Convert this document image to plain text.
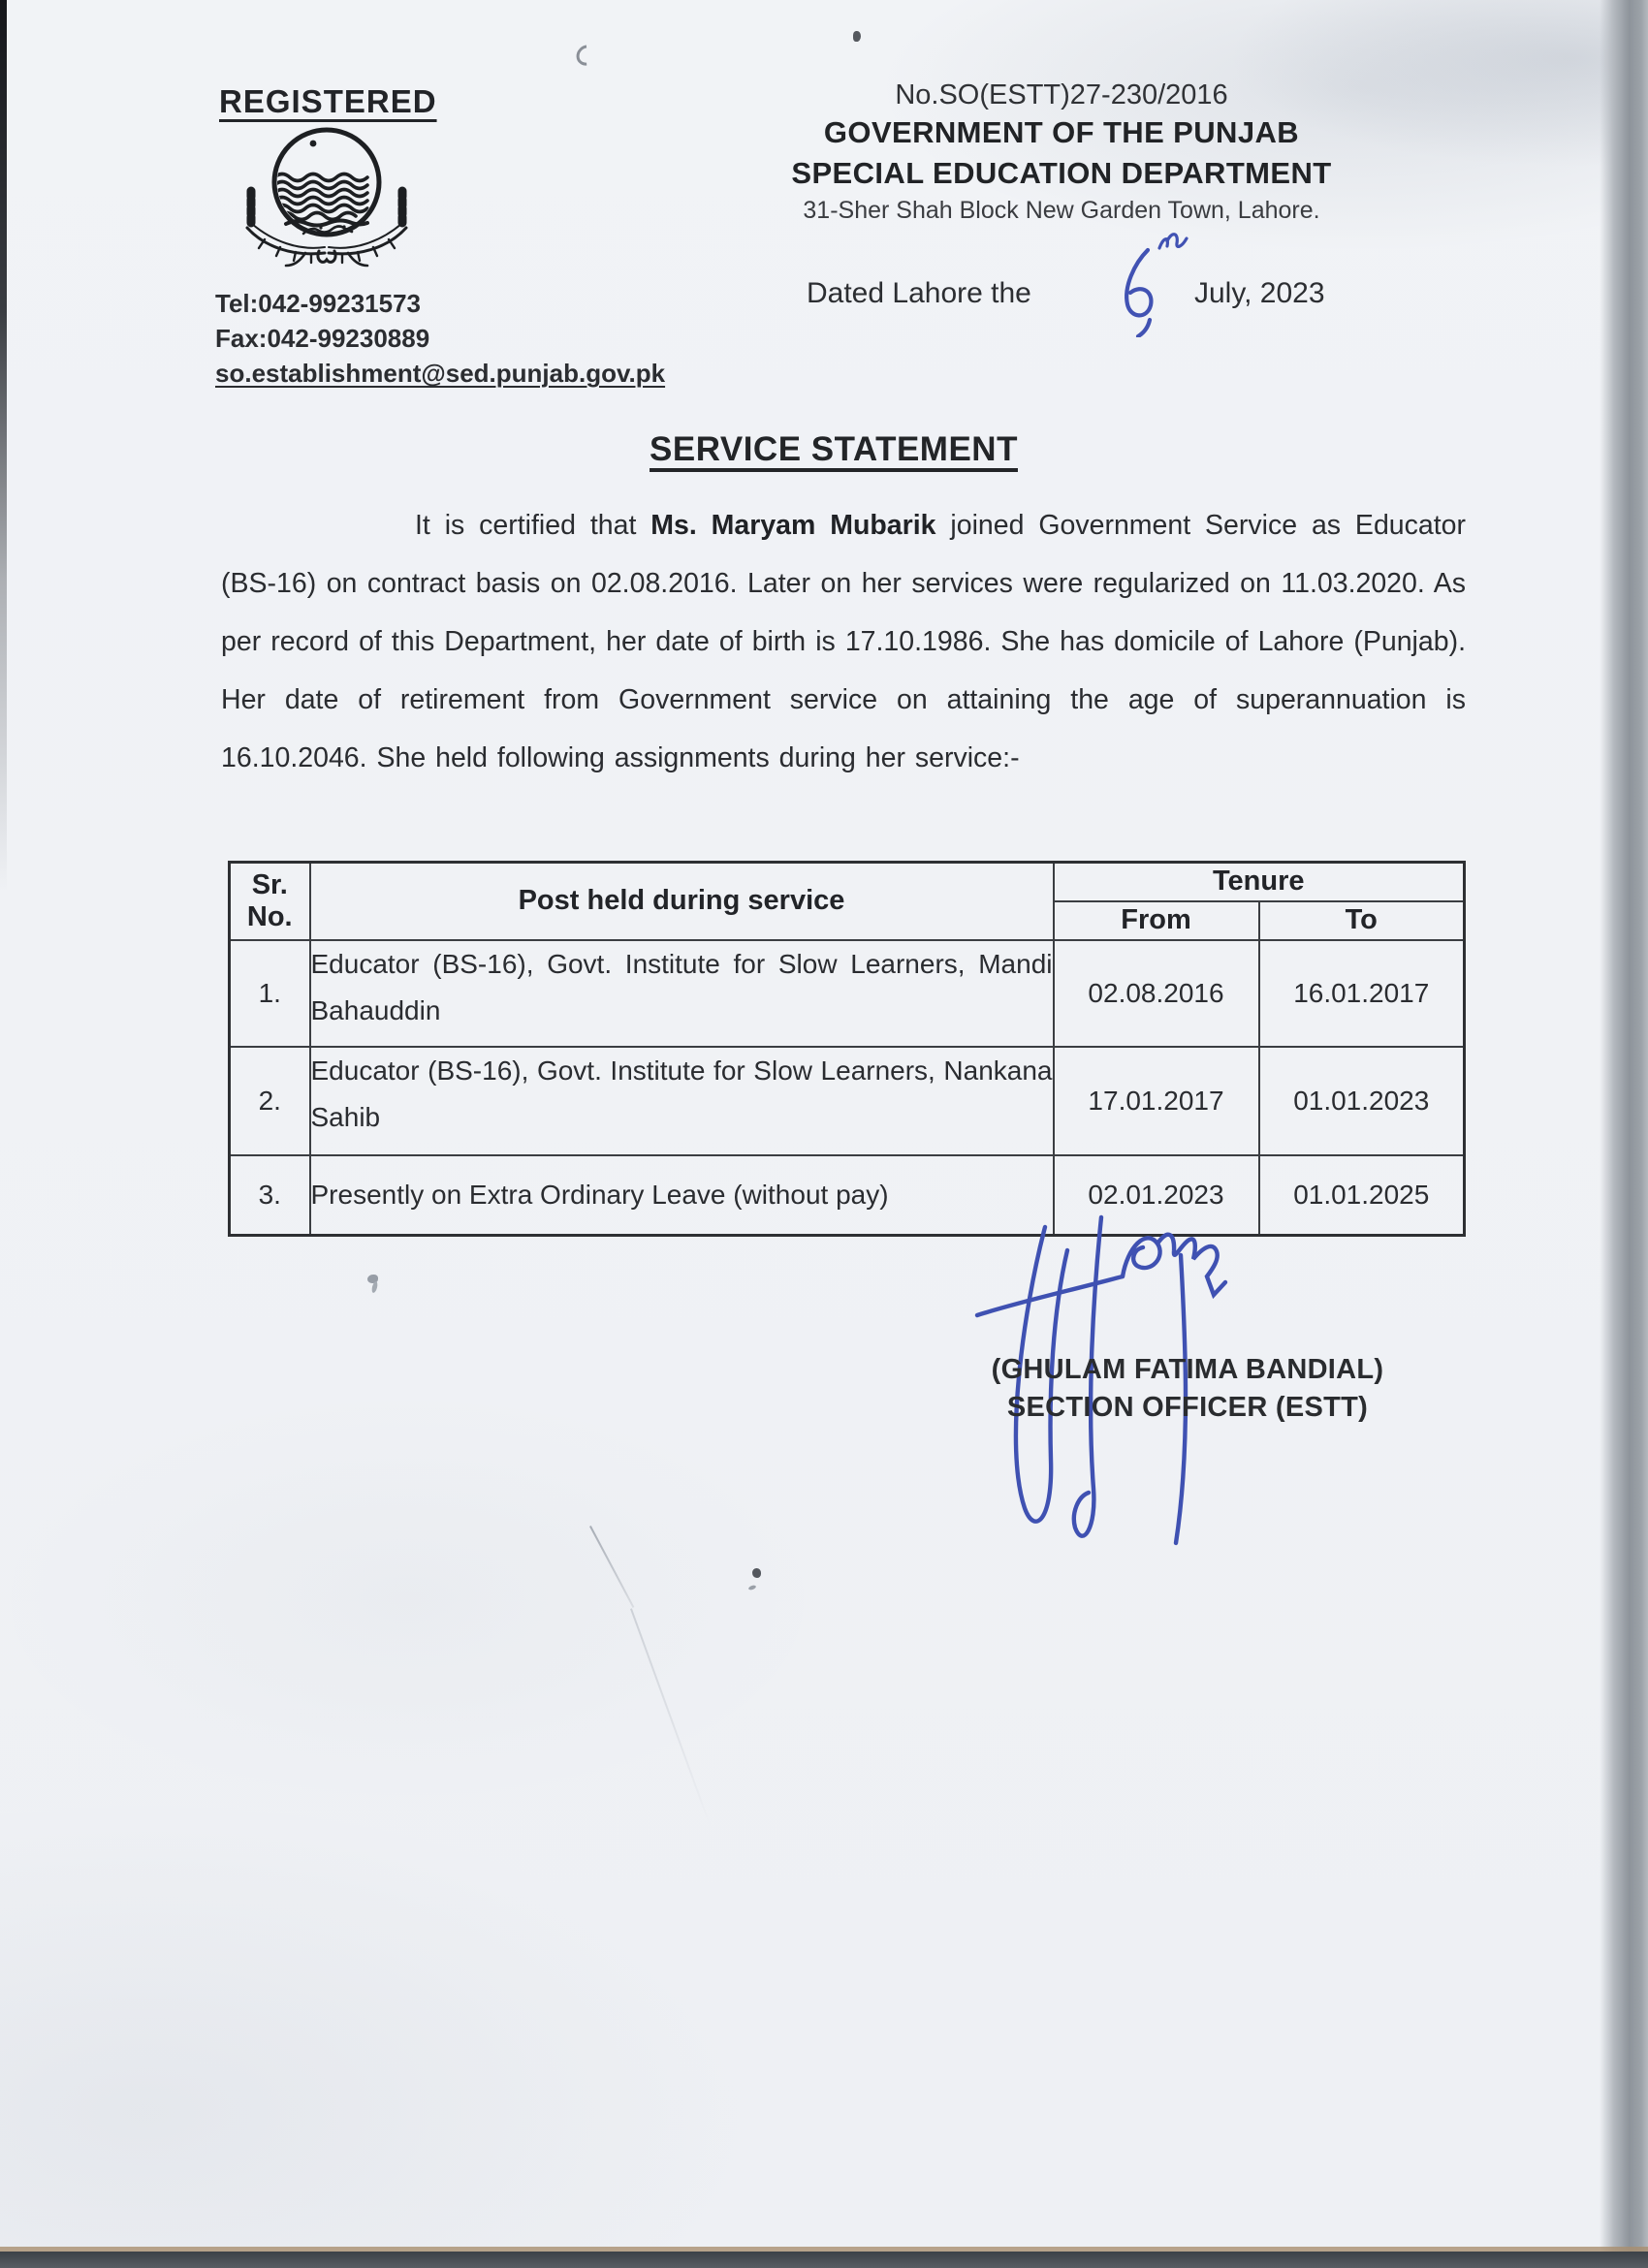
REGISTERED	No.SO(ESTT)27-230/2016
GOVERNMENT OF THE PUNJAB
SPECIAL EDUCATION DEPARTMENT
31-Sher Shah Block New Garden Town, Lahore.
Dated Lahore the	July, 2023
Tel:042-99231573
Fax:042-99230889
so.establishment@sed.punjab.gov.pk
SERVICE STATEMENT
It is certified that Ms. Maryam Mubarik joined Government Service as Educator (BS-16) on contract basis on 02.08.2016. Later on her services were regularized on 11.03.2020. As per record of this Department, her date of birth is 17.10.1986. She has domicile of Lahore (Punjab). Her date of retirement from Government service on attaining the age of superannuation is 16.10.2046. She held following assignments during her service:-
Sr.
No.	Post held during service	Tenure	
		From	To
1.	Educator (BS-16), Govt. Institute for Slow Learners, Mandi Bahauddin	02.08.2016	16.01.2017
2.	Educator (BS-16), Govt. Institute for Slow Learners, Nankana Sahib	17.01.2017	01.01.2023
3.	Presently on Extra Ordinary Leave (without pay)	02.01.2023	01.01.2025
(GHULAM FATIMA BANDIAL)
SECTION OFFICER (ESTT)
